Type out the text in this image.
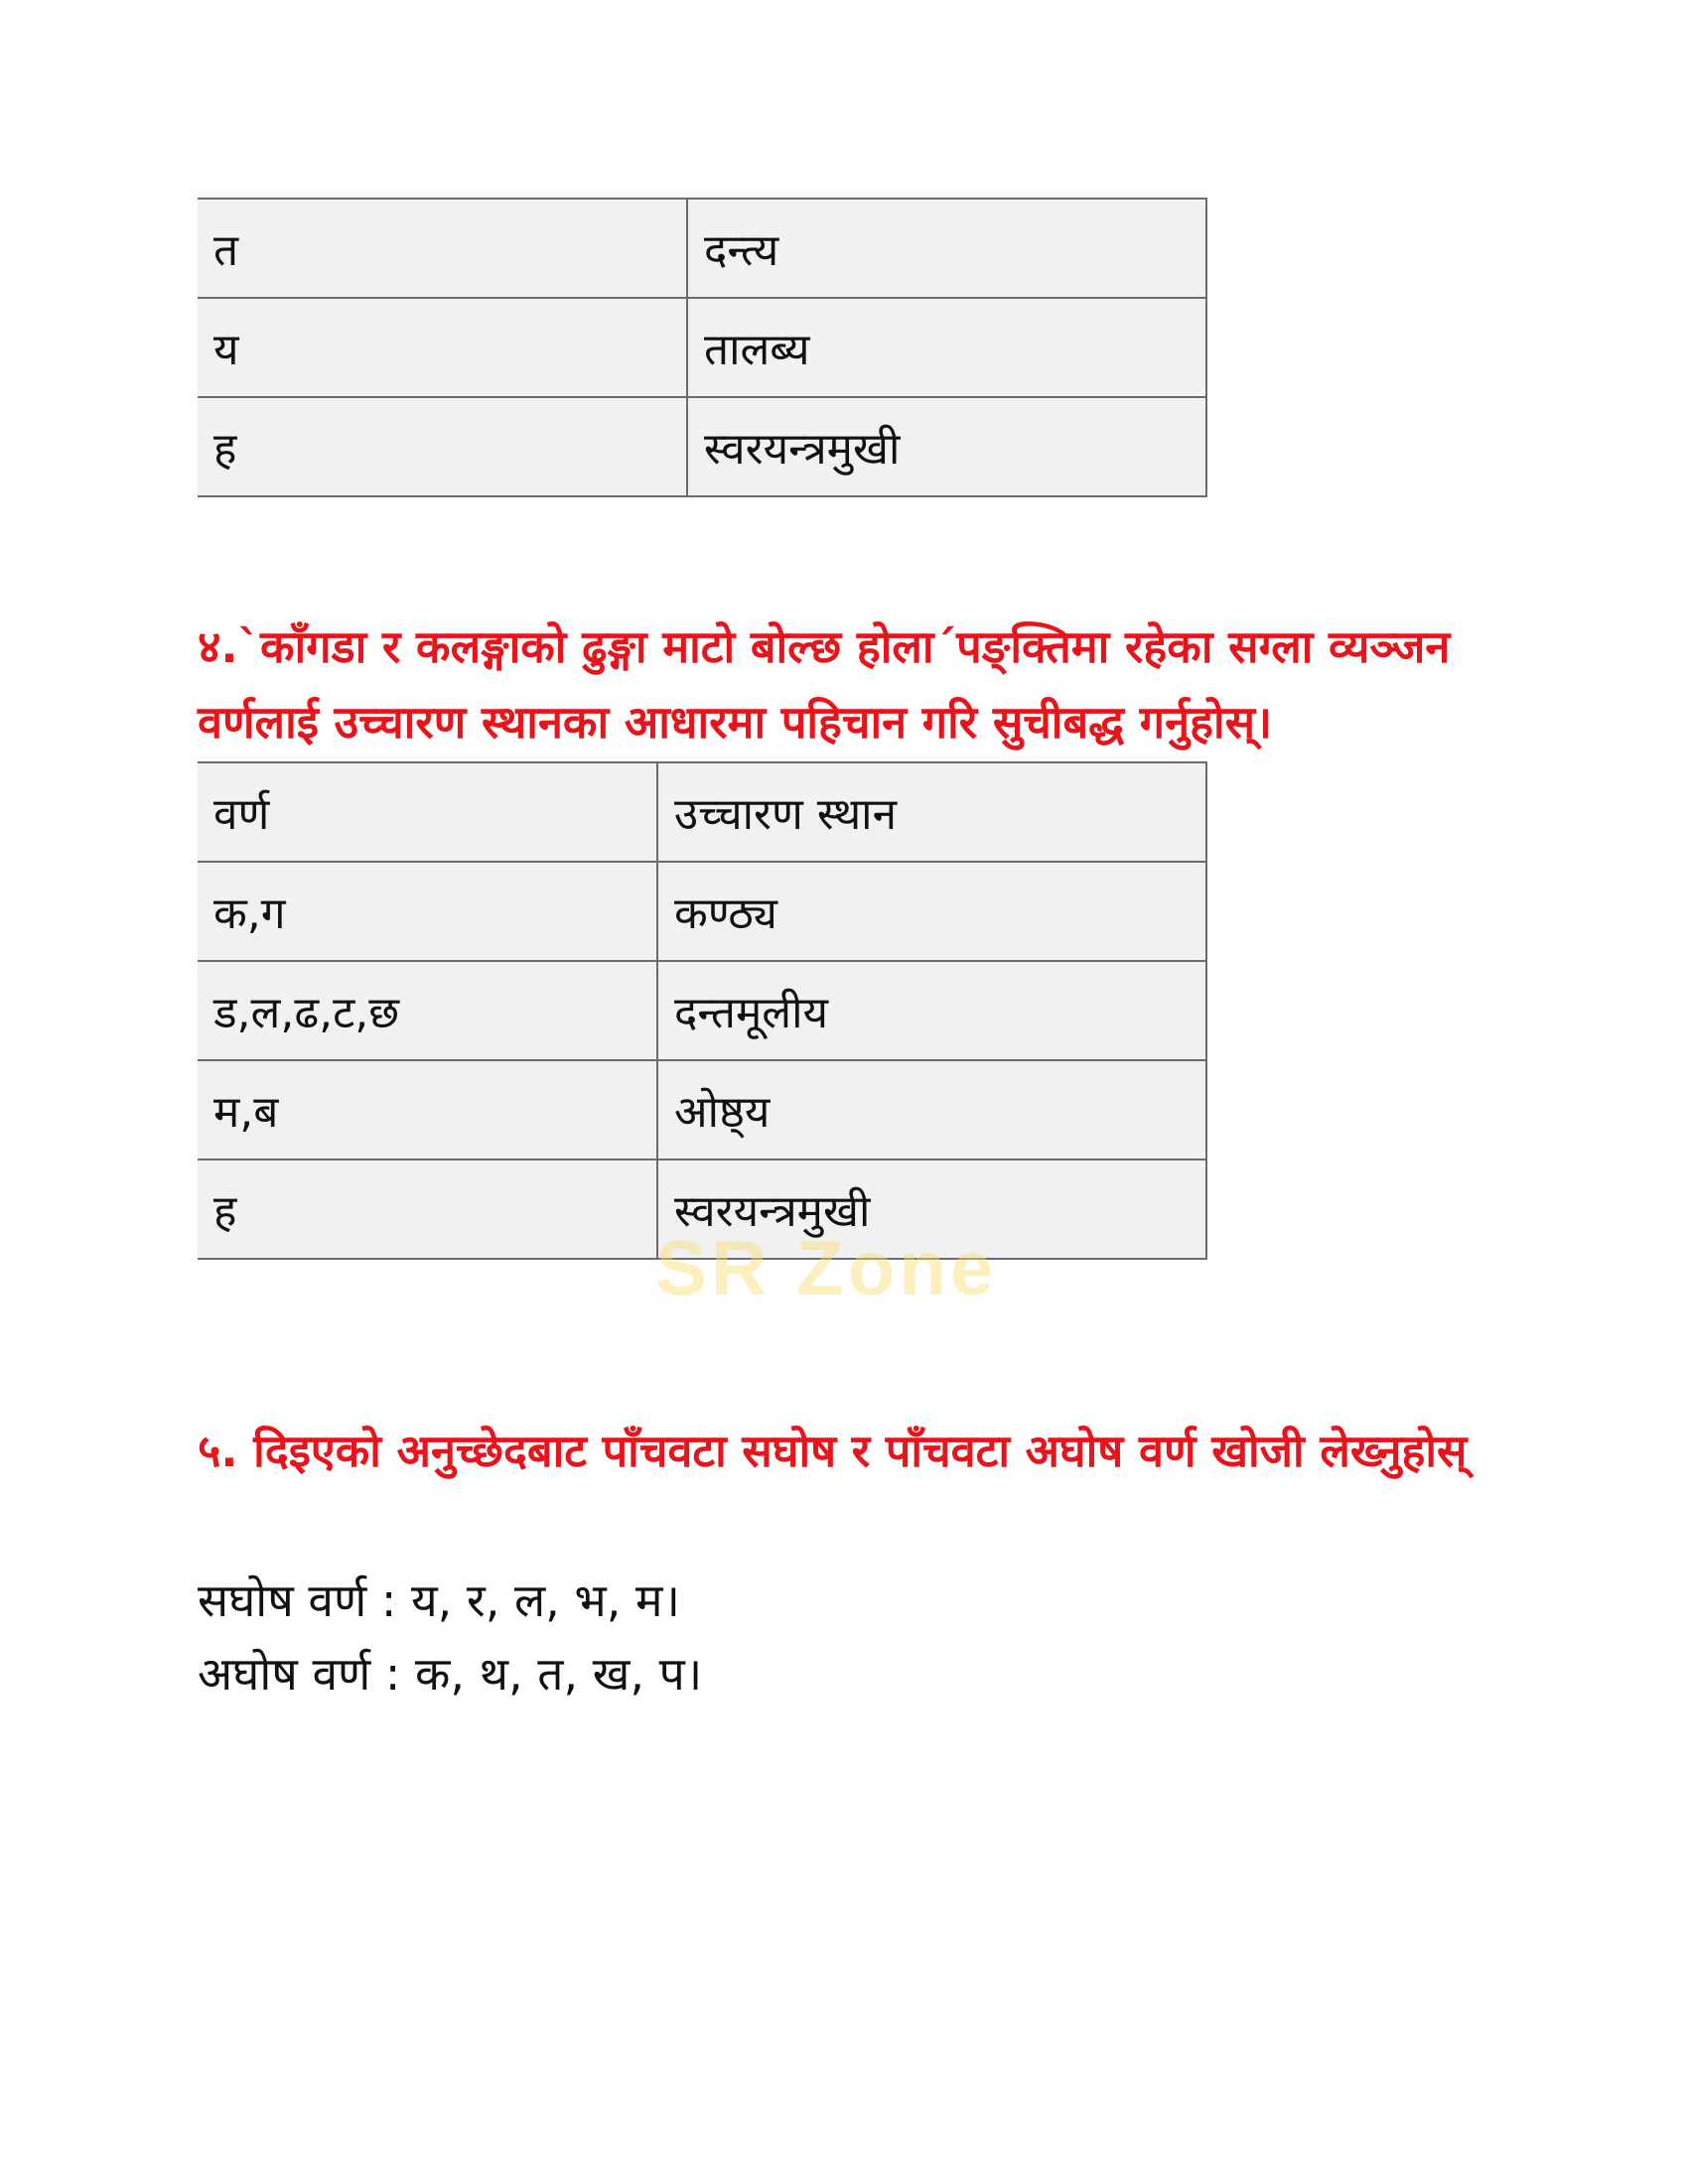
त	दन्त्य
य	तालब्य
ह	स्वरयन्त्रमुखी

४.`काँगडा र कलङ्गाको ढुङ्गा माटो बोल्छ होला´पङ्क्तिमा रहेका सग्ला व्यञ्जन वर्णलाई उच्चारण स्थानका आधारमा पहिचान गरि सुचीबद्ध गर्नुहोस्।

वर्ण	उच्चारण स्थान
क,ग	कण्ठ्य
ड,ल,ढ,ट,छ	दन्तमूलीय
म,ब	ओष्ठ्य
ह	स्वरयन्त्रमुखी
SR Zone

५. दिइएको अनुच्छेदबाट पाँचवटा सघोष र पाँचवटा अघोष वर्ण खोजी लेख्नुहोस्

सघोष वर्ण : य, र, ल, भ, म।

अघोष वर्ण : क, थ, त, ख, प।
